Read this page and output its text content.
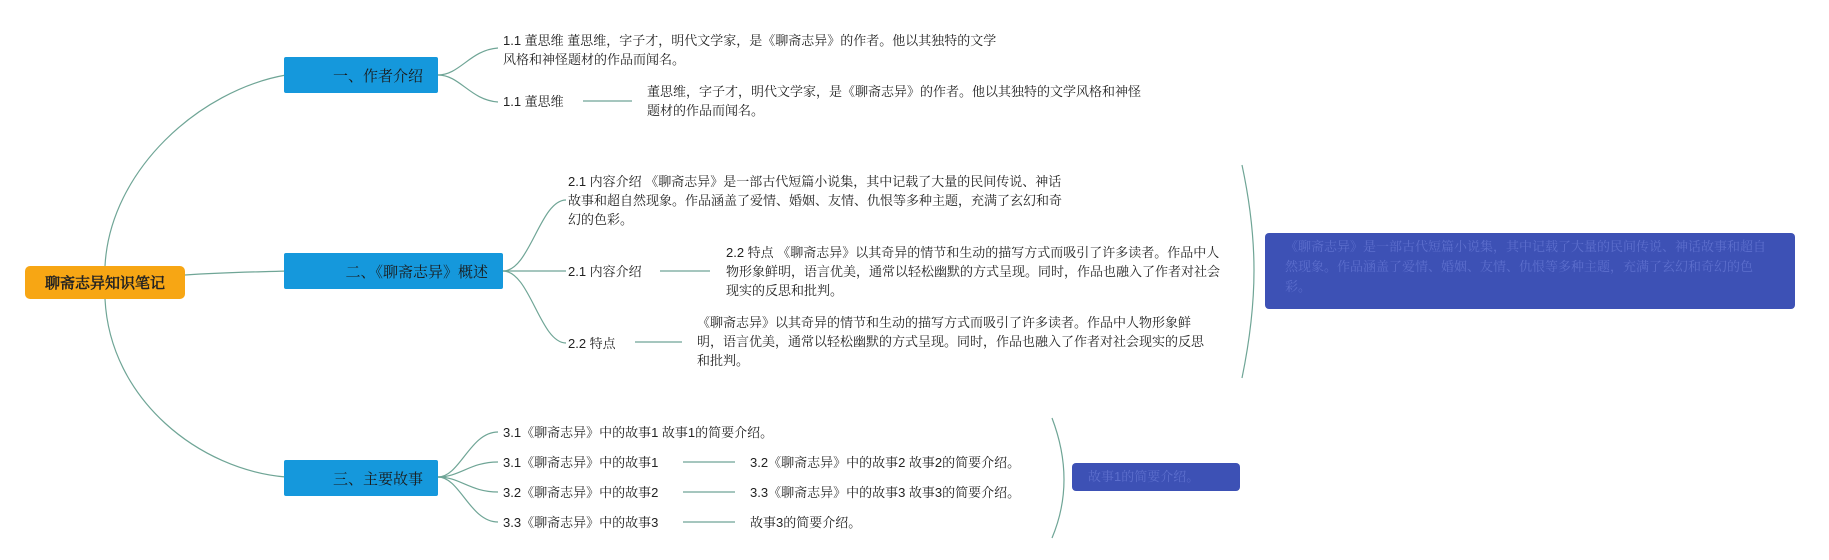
聊斋志异知识笔记
一、作者介绍
1.1 董思维 董思维，字子才，明代文学家，是《聊斋志异》的作者。他以其独特的文学风格和神怪题材的作品而闻名。
1.1 董思维
董思维，字子才，明代文学家，是《聊斋志异》的作者。他以其独特的文学风格和神怪题材的作品而闻名。
二、《聊斋志异》概述
2.1 内容介绍 《聊斋志异》是一部古代短篇小说集，其中记载了大量的民间传说、神话故事和超自然现象。作品涵盖了爱情、婚姻、友情、仇恨等多种主题，充满了玄幻和奇幻的色彩。
2.1 内容介绍
2.2 特点 《聊斋志异》以其奇异的情节和生动的描写方式而吸引了许多读者。作品中人物形象鲜明，语言优美，通常以轻松幽默的方式呈现。同时，作品也融入了作者对社会现实的反思和批判。
2.2 特点
《聊斋志异》以其奇异的情节和生动的描写方式而吸引了许多读者。作品中人物形象鲜明，语言优美，通常以轻松幽默的方式呈现。同时，作品也融入了作者对社会现实的反思和批判。
《聊斋志异》是一部古代短篇小说集，其中记载了大量的民间传说、神话故事和超自然现象。作品涵盖了爱情、婚姻、友情、仇恨等多种主题，充满了玄幻和奇幻的色彩。
三、主要故事
3.1《聊斋志异》中的故事1 故事1的简要介绍。
3.1《聊斋志异》中的故事1	3.2《聊斋志异》中的故事2 故事2的简要介绍。
3.2《聊斋志异》中的故事2	3.3《聊斋志异》中的故事3 故事3的简要介绍。
3.3《聊斋志异》中的故事3	故事3的简要介绍。
故事1的简要介绍。
